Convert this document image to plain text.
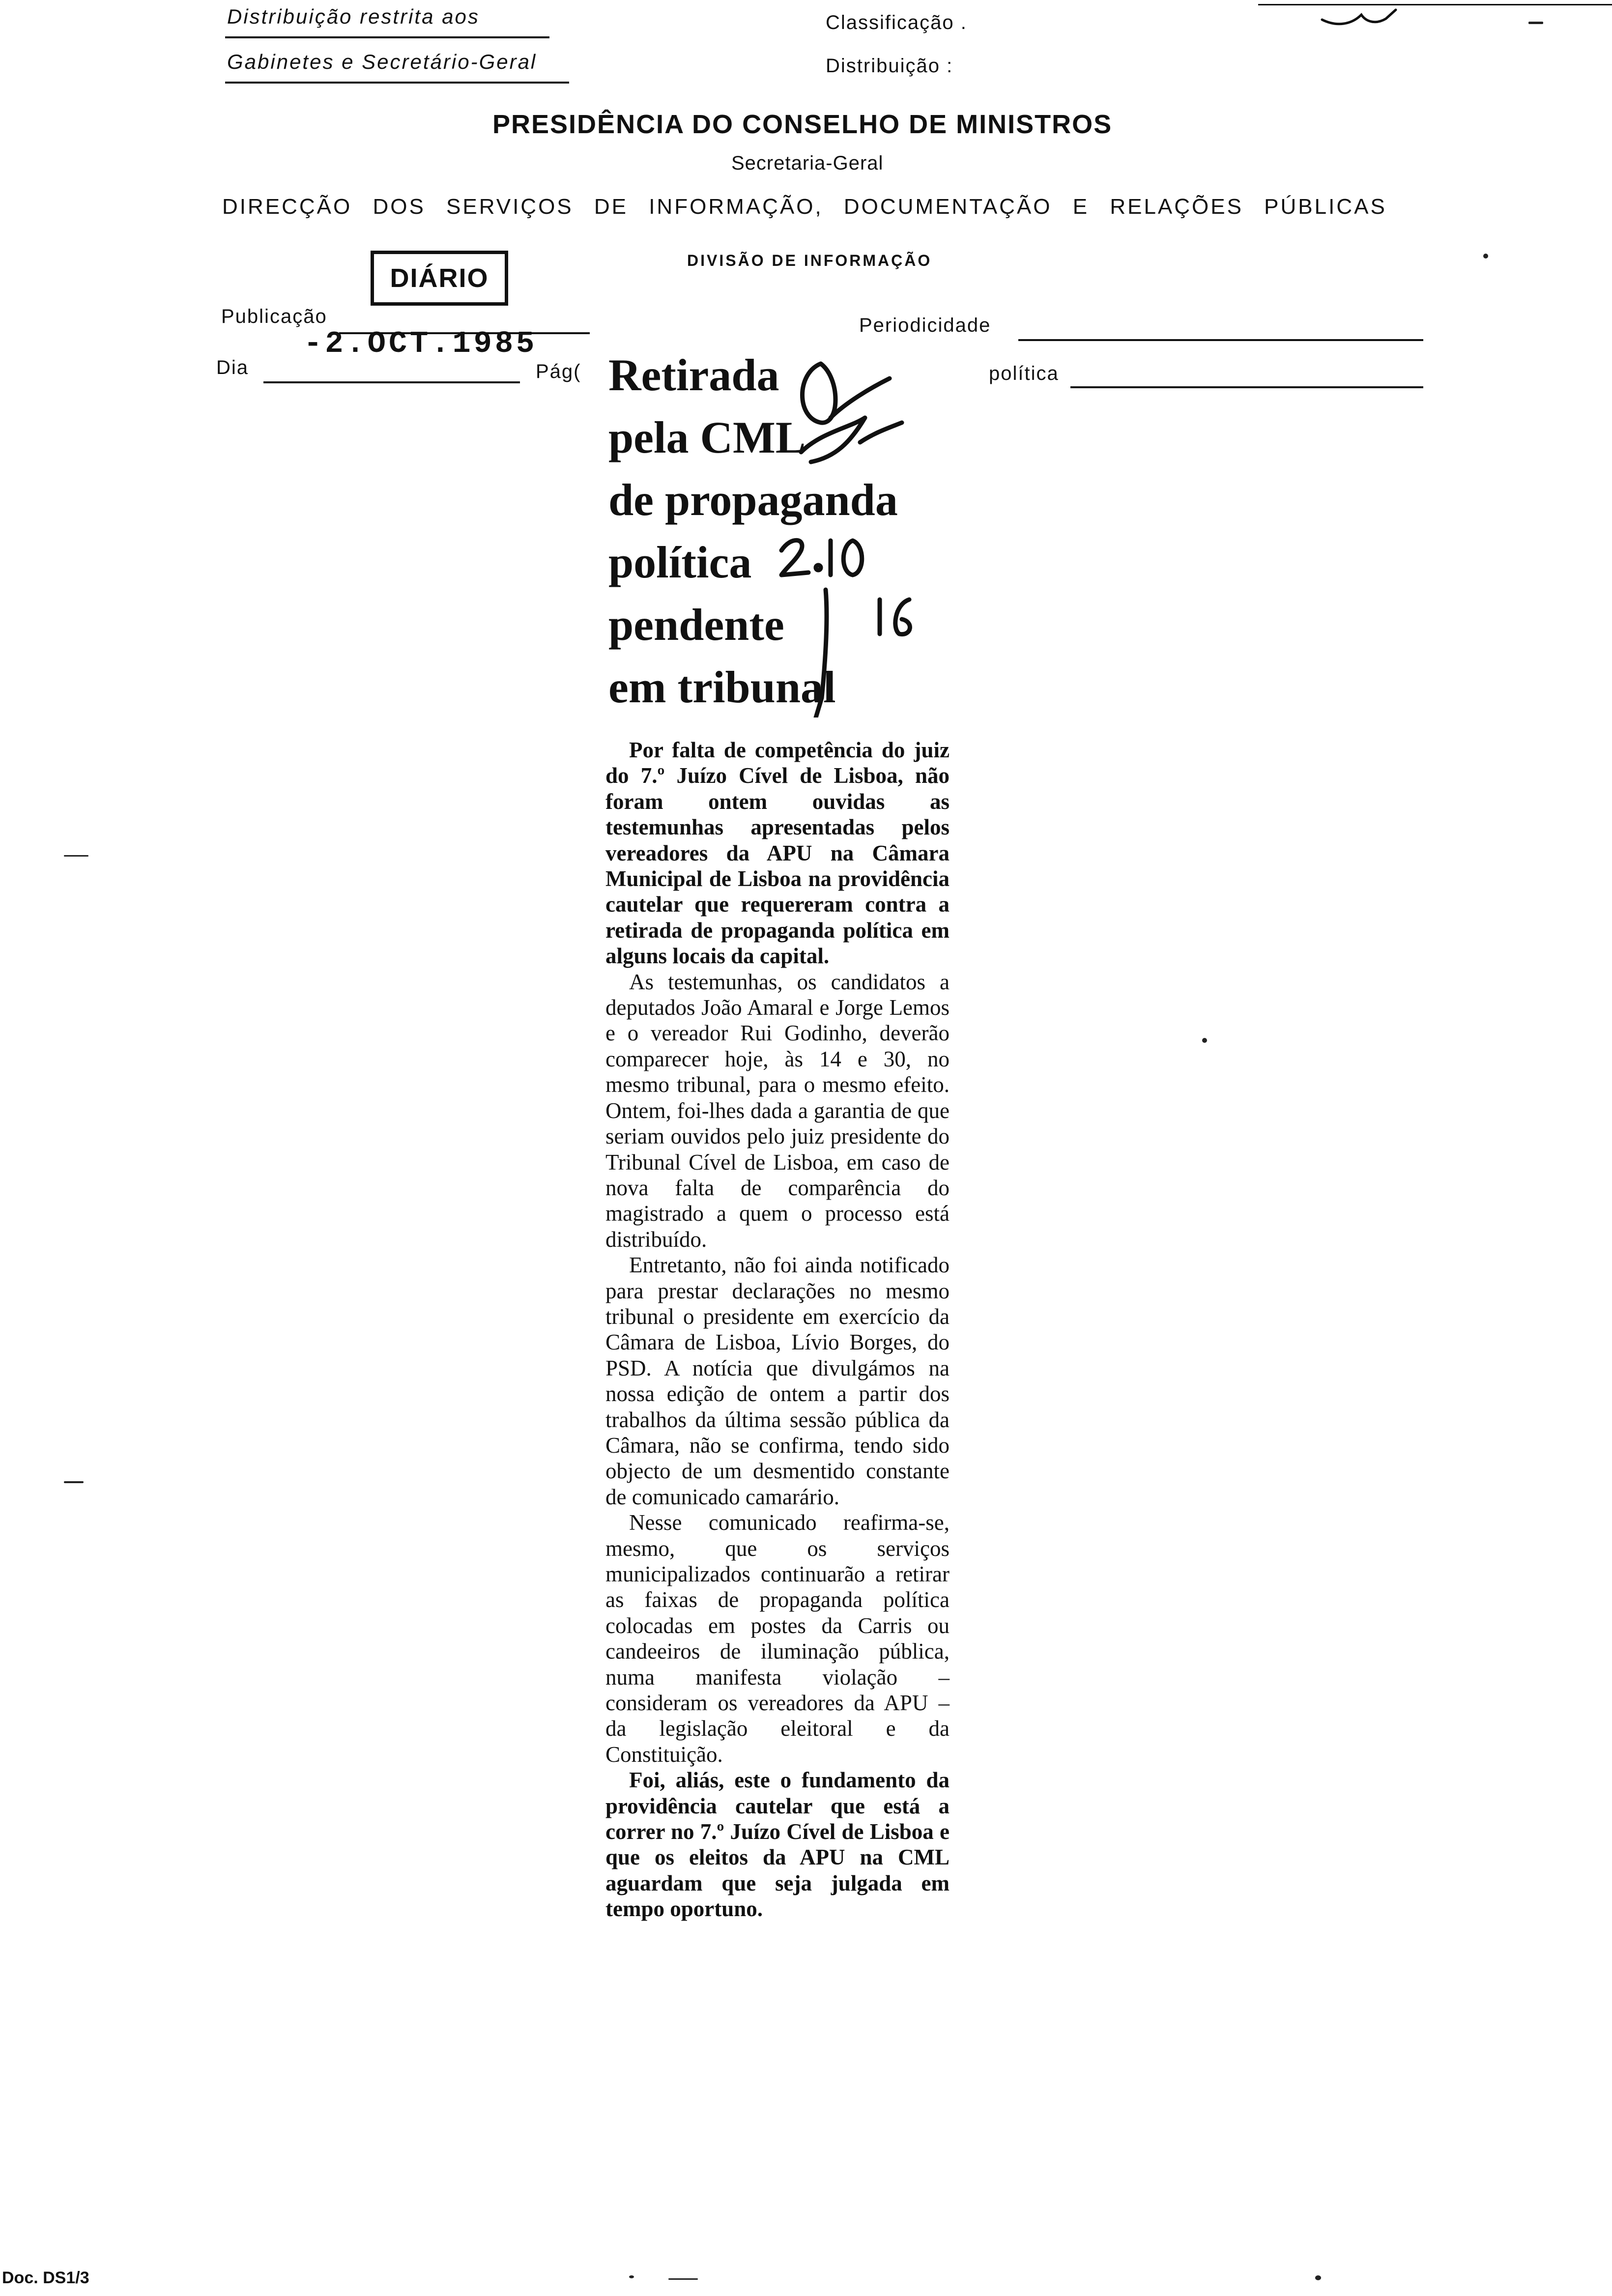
Distribuição restrita aos
Gabinetes e Secretário-Geral
Classificação .
Distribuição :
PRESIDÊNCIA DO CONSELHO DE MINISTROS
Secretaria-Geral
DIRECÇÃO DOS SERVIÇOS DE INFORMAÇÃO, DOCUMENTAÇÃO E RELAÇÕES PÚBLICAS
DIVISÃO DE INFORMAÇÃO
DIÁRIO
Publicação	Periodicidade
Dia
-2.OCT.1985
Pág(	política
Retirada
pela CML
de propaganda
política
pendente
em tribunal

Por falta de competência do juiz do 7.º Juízo Cível de Lisboa, não foram ontem ouvidas as testemunhas apresentadas pelos vereadores da APU na Câmara Municipal de Lisboa na providência cautelar que requereram contra a retirada de propaganda política em alguns locais da capital.

As testemunhas, os candidatos a deputados João Amaral e Jorge Lemos e o vereador Rui Godinho, deverão comparecer hoje, às 14 e 30, no mesmo tribunal, para o mesmo efeito. Ontem, foi-lhes dada a garantia de que seriam ouvidos pelo juiz presidente do Tribunal Cível de Lisboa, em caso de nova falta de comparência do magistrado a quem o processo está distribuído.

Entretanto, não foi ainda notificado para prestar declarações no mesmo tribunal o presidente em exercício da Câmara de Lisboa, Lívio Borges, do PSD. A notícia que divulgámos na nossa edição de ontem a partir dos trabalhos da última sessão pública da Câmara, não se confirma, tendo sido objecto de um desmentido constante de comunicado camarário.

Nesse comunicado reafirma-se, mesmo, que os serviços municipalizados continuarão a retirar as faixas de propaganda política colocadas em postes da Carris ou candeeiros de iluminação pública, numa manifesta violação – consideram os vereadores da APU – da legislação eleitoral e da Constituição.

Foi, aliás, este o fundamento da providência cautelar que está a correr no 7.º Juízo Cível de Lisboa e que os eleitos da APU na CML aguardam que seja julgada em tempo oportuno.

Doc. DS1/3
